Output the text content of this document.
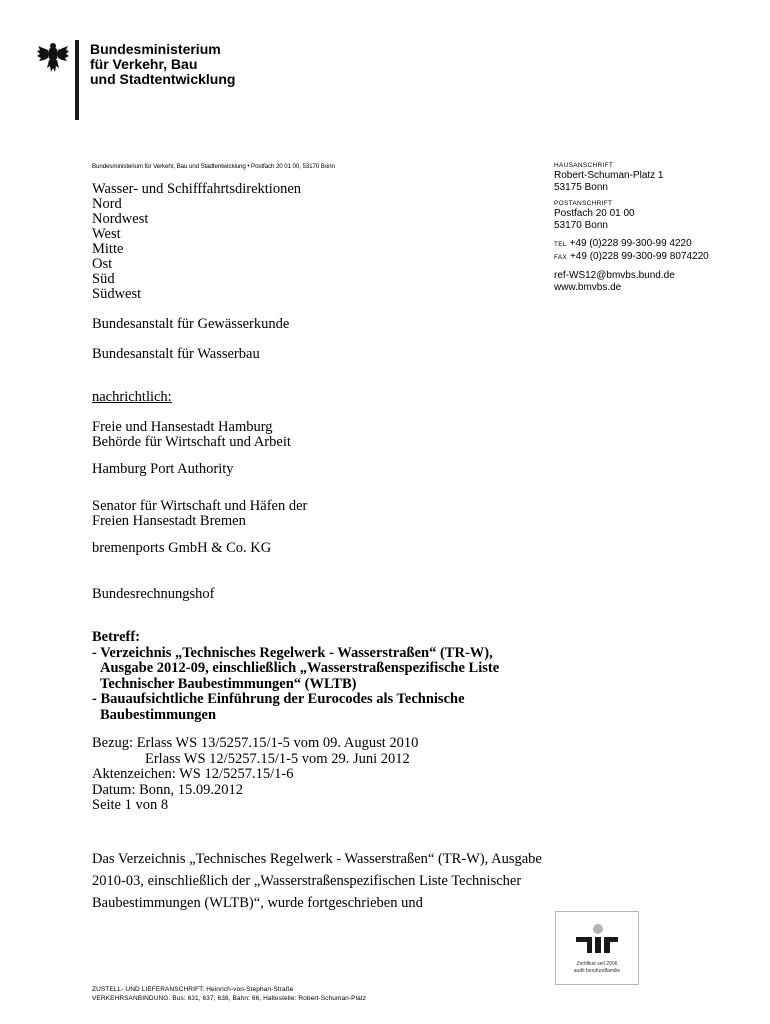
Bundesministerium
für Verkehr, Bau
und Stadtentwicklung
Bundesministerium für Verkehr, Bau und Stadtentwicklung • Postfach 20 01 00, 53170 Bonn
Wasser- und Schifffahrtsdirektionen
Nord
Nordwest
West
Mitte
Ost
Süd
Südwest
Bundesanstalt für Gewässerkunde
Bundesanstalt für Wasserbau
nachrichtlich:
Freie und Hansestadt Hamburg
Behörde für Wirtschaft und Arbeit
Hamburg Port Authority
Senator für Wirtschaft und Häfen der
Freien Hansestadt Bremen
bremenports GmbH & Co. KG
Bundesrechnungshof
HAUSANSCHRIFT
Robert-Schuman-Platz 1
53175 Bonn
POSTANSCHRIFT
Postfach 20 01 00
53170 Bonn
TEL +49 (0)228 99-300-99 4220
FAX +49 (0)228 99-300-99 8074220
ref-WS12@bmvbs.bund.de
www.bmvbs.de
Betreff:
- Verzeichnis „Technisches Regelwerk - Wasserstraßen“ (TR-W), Ausgabe 2012-09, einschließlich „Wasserstraßenspezifische Liste Technischer Baubestimmungen“ (WLTB)
- Bauaufsichtliche Einführung der Eurocodes als Technische Baubestimmungen
Bezug: Erlass WS 13/5257.15/1-5 vom 09. August 2010
Erlass WS 12/5257.15/1-5 vom 29. Juni 2012
Aktenzeichen: WS 12/5257.15/1-6
Datum: Bonn, 15.09.2012
Seite 1 von 8
Das Verzeichnis „Technisches Regelwerk - Wasserstraßen“ (TR-W), Ausgabe 2010-03, einschließlich der „Wasserstraßenspezifischen Liste Technischer Baubestimmungen (WLTB)“, wurde fortgeschrieben und
Zertifikat seit 2006
audit berufundfamilie
ZUSTELL- UND LIEFERANSCHRIFT: Heinrich-von-Stephan-Straße
VERKEHRSANBINDUNG: Bus: 631, 637, 638, Bahn: 66, Haltestelle: Robert-Schuman-Platz
